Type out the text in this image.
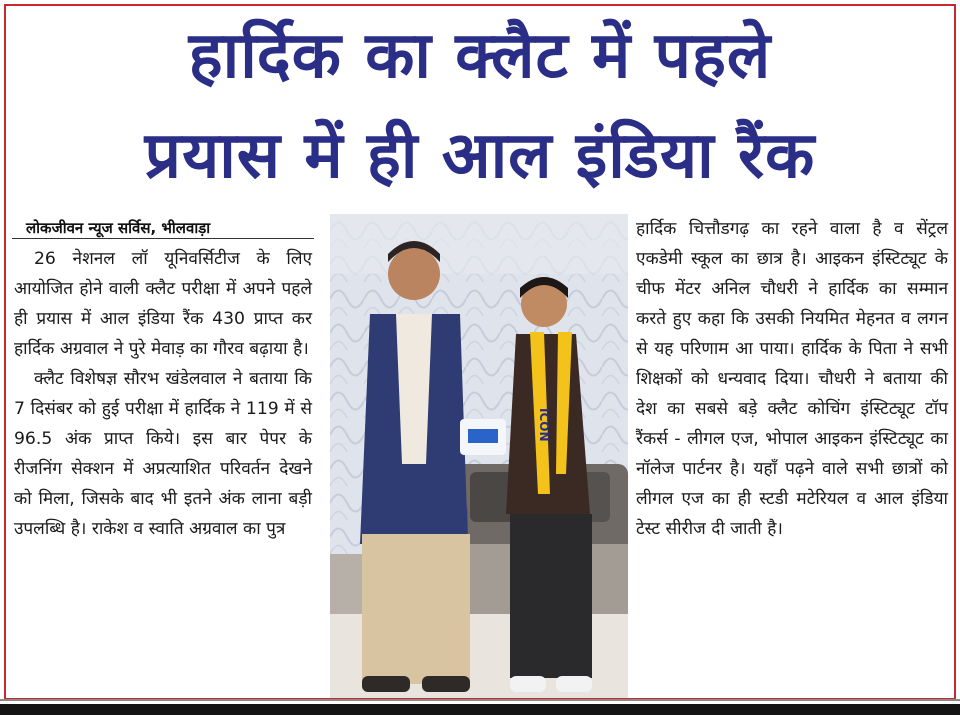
हार्दिक का क्लैट में पहले
प्रयास में ही आल इंडिया रैंक
लोकजीवन न्यूज सर्विस, भीलवाड़ा

26 नेशनल लॉ यूनिवर्सिटीज के लिए आयोजित होने वाली क्लैट परीक्षा में अपने पहले ही प्रयास में आल इंडिया रैंक 430 प्राप्त कर हार्दिक अग्रवाल ने पुरे मेवाड़ का गौरव बढ़ाया है।

क्लैट विशेषज्ञ सौरभ खंडेलवाल ने बताया कि 7 दिसंबर को हुई परीक्षा में हार्दिक ने 119 में से 96.5 अंक प्राप्त किये। इस बार पेपर के रीजनिंग सेक्शन में अप्रत्याशित परिवर्तन देखने को मिला, जिसके बाद भी इतने अंक लाना बड़ी उपलब्धि है। राकेश व स्वाति अग्रवाल का पुत्र

ICON

हार्दिक चित्तौडगढ़ का रहने वाला है व सेंट्रल एकडेमी स्कूल का छात्र है। आइकन इंस्टिट्यूट के चीफ मेंटर अनिल चौधरी ने हार्दिक का सम्मान करते हुए कहा कि उसकी नियमित मेहनत व लगन से यह परिणाम आ पाया। हार्दिक के पिता ने सभी शिक्षकों को धन्यवाद दिया। चौधरी ने बताया की देश का सबसे बड़े क्लैट कोचिंग इंस्टिट्यूट टॉप रैंकर्स - लीगल एज, भोपाल आइकन इंस्टिट्यूट का नॉलेज पार्टनर है। यहाँ पढ़ने वाले सभी छात्रों को लीगल एज का ही स्टडी मटेरियल व आल इंडिया टेस्ट सीरीज दी जाती है।
